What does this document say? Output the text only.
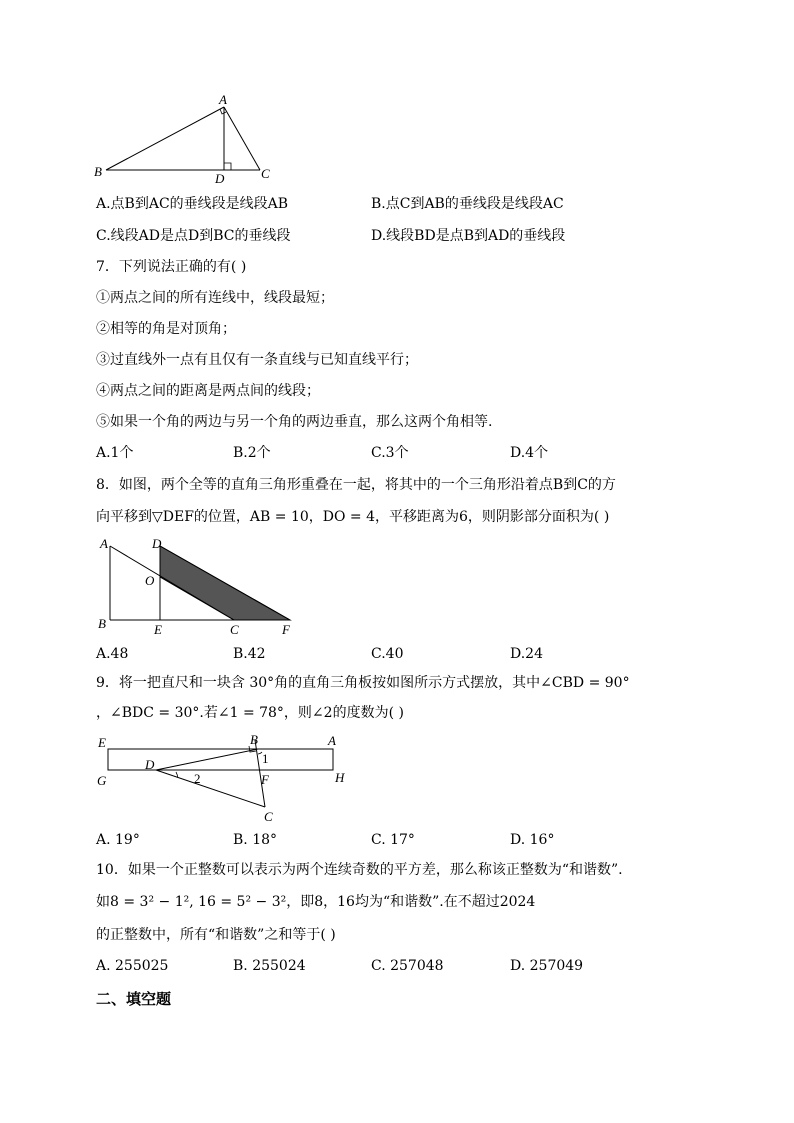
A
B	D	C
A.点B到AC的垂线段是线段AB	B.点C到AB的垂线段是线段AC
C.线段AD是点D到BC的垂线段	D.线段BD是点B到AD的垂线段
7．下列说法正确的有( )
①两点之间的所有连线中，线段最短；
②相等的角是对顶角；
③过直线外一点有且仅有一条直线与已知直线平行；
④两点之间的距离是两点间的线段；
⑤如果一个角的两边与另一个角的两边垂直，那么这两个角相等.
A.1个	B.2个	C.3个	D.4个
8．如图，两个全等的直角三角形重叠在一起，将其中的一个三角形沿着点B到C的方
向平移到▽DEF的位置，AB = 10，DO = 4，平移距离为6，则阴影部分面积为( )
A	D
O
B	E	C	F
A.48	B.42	C.40	D.24
9．将一把直尺和一块含 30°角的直角三角板按如图所示方式摆放，其中∠CBD = 90°
，∠BDC = 30°.若∠1 = 78°，则∠2的度数为( )
E	B	A
D	1
2
G	F	H
C
A. 19°	B. 18°	C. 17°	D. 16°
10．如果一个正整数可以表示为两个连续奇数的平方差，那么称该正整数为“和谐数”.
如8 = 3² − 1², 16 = 5² − 3²，即8，16均为“和谐数”.在不超过2024
的正整数中，所有“和谐数”之和等于( )
A. 255025	B. 255024	C. 257048	D. 257049
二、填空题
